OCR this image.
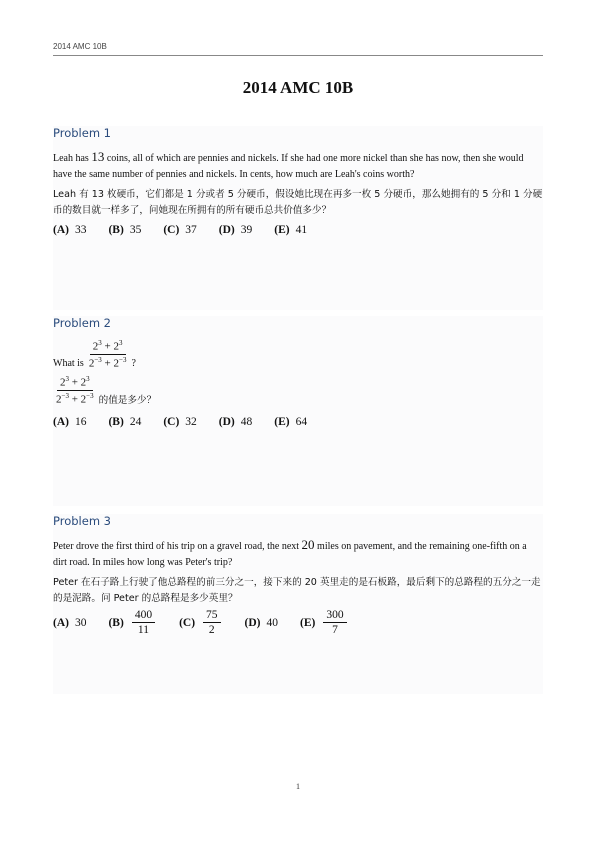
2014 AMC 10B
2014 AMC 10B
Problem 1
Leah has 13 coins, all of which are pennies and nickels. If she had one more nickel than she has now, then she would have the same number of pennies and nickels. In cents, how much are Leah's coins worth?
Leah 有 13 枚硬币，它们都是 1 分或者 5 分硬币，假设她比现在再多一枚 5 分硬币，那么她拥有的 5 分和 1 分硬币的数目就一样多了，问她现在所拥有的所有硬币总共价值多少？
(A) 33 (B) 35 (C) 37 (D) 39 (E) 41
Problem 2
What is $\frac{2^3 + 2^3}{2^{-3} + 2^{-3}}$ ?
$\frac{2^3 + 2^3}{2^{-3} + 2^{-3}}$ 的值是多少？
(A) 16 (B) 24 (C) 32 (D) 48 (E) 64
Problem 3
Peter drove the first third of his trip on a gravel road, the next 20 miles on pavement, and the remaining one-fifth on a dirt road. In miles how long was Peter's trip?
Peter 在石子路上行驶了他总路程的前三分之一，接下来的 20 英里走的是石板路，最后剩下的总路程的五分之一走的是泥路。问 Peter 的总路程是多少英里？
(A) 30 $(B) \frac{400}{11} (C) \frac{75}{2} (D)$ 40 $(E) \frac{300}{7}$
1
